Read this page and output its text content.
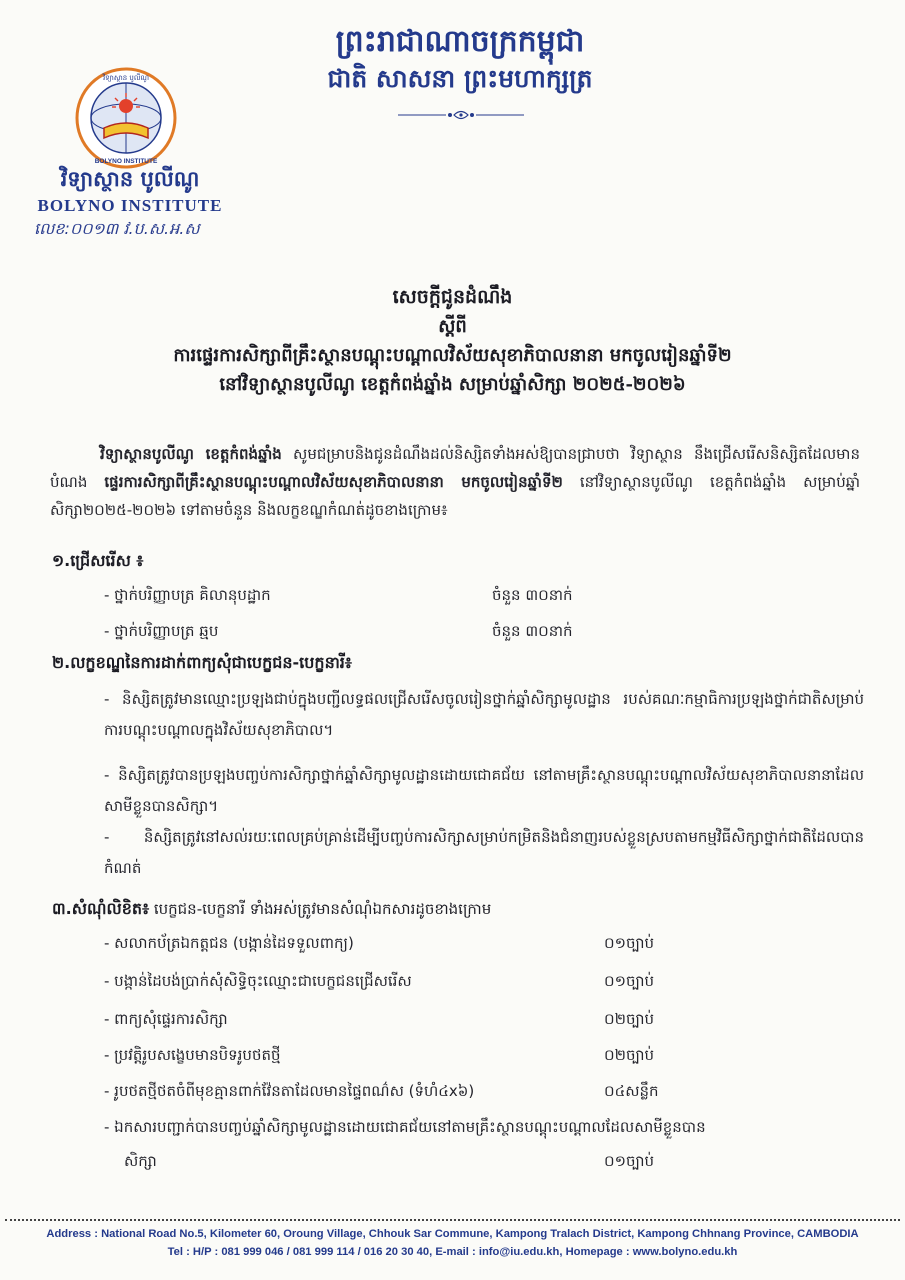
ព្រះរាជាណាចក្រកម្ពុជា
ជាតិ សាសនា ព្រះមហាក្សត្រ
វិទ្យាស្ថាន បូលីណូ
BOLYNO INSTITUTE
វិទ្យាស្ថាន បូលីណូ
BOLYNO INSTITUTE
លេខ:០០១៣ វ.ប.ស.អ.ស
សេចក្តីជូនដំណឹង
ស្តីពី
ការផ្ទេរការសិក្សាពីគ្រឹះស្ថានបណ្តុះបណ្តាលវិស័យសុខាភិបាលនានា មកចូលរៀនឆ្នាំទី២
នៅវិទ្យាស្ថានបូលីណូ ខេត្តកំពង់ឆ្នាំង សម្រាប់ឆ្នាំសិក្សា ២០២៥-២០២៦
វិទ្យាស្ថានបូលីណូ ខេត្តកំពង់ឆ្នាំង សូមជម្រាបនិងជូនដំណឹងដល់និស្សិតទាំងអស់ឱ្យបានជ្រាបថា វិទ្យាស្ថាន នឹងជ្រើសរើសនិស្សិតដែលមានបំណង ផ្ទេរការសិក្សាពីគ្រឹះស្ថានបណ្តុះបណ្តាលវិស័យសុខាភិបាលនានា មកចូលរៀនឆ្នាំទី២ នៅវិទ្យាស្ថានបូលីណូ ខេត្តកំពង់ឆ្នាំង សម្រាប់ឆ្នាំសិក្សា២០២៥-២០២៦ ទៅតាមចំនួន និងលក្ខខណ្ឌកំណត់ដូចខាងក្រោម៖
១.ជ្រើសរើស ៖
- ថ្នាក់បរិញ្ញាបត្រ គិលានុបដ្ឋាក	ចំនួន ៣០នាក់
- ថ្នាក់បរិញ្ញាបត្រ ឆ្មប	ចំនួន ៣០នាក់
២.លក្ខខណ្ឌនៃការដាក់ពាក្យសុំជាបេក្ខជន-បេក្ខនារី៖
- និស្សិតត្រូវមានឈ្មោះប្រឡងជាប់ក្នុងបញ្ជីលទ្ធផលជ្រើសរើសចូលរៀនថ្នាក់ឆ្នាំសិក្សាមូលដ្ឋាន របស់គណៈកម្មាធិការប្រឡងថ្នាក់ជាតិសម្រាប់ការបណ្តុះបណ្តាលក្នុងវិស័យសុខាភិបាល។
- និស្សិតត្រូវបានប្រឡងបញ្ចប់ការសិក្សាថ្នាក់ឆ្នាំសិក្សាមូលដ្ឋានដោយជោគជ័យ នៅតាមគ្រឹះស្ថានបណ្តុះបណ្តាលវិស័យសុខាភិបាលនានាដែលសាមីខ្លួនបានសិក្សា។
- និស្សិតត្រូវនៅសល់រយៈពេលគ្រប់គ្រាន់ដើម្បីបញ្ចប់ការសិក្សាសម្រាប់កម្រិតនិងជំនាញរបស់ខ្លួនស្របតាមកម្មវិធីសិក្សាថ្នាក់ជាតិដែលបានកំណត់
៣.សំណុំលិខិត៖ បេក្ខជន-បេក្ខនារី ទាំងអស់ត្រូវមានសំណុំឯកសារដូចខាងក្រោម
- សលាកប័ត្រឯកត្តជន (បង្កាន់ដៃទទួលពាក្យ)	០១ច្បាប់
- បង្កាន់ដៃបង់ប្រាក់សុំសិទ្ធិចុះឈ្មោះជាបេក្ខជនជ្រើសរើស	០១ច្បាប់
- ពាក្យសុំផ្ទេរការសិក្សា	០២ច្បាប់
- ប្រវត្តិរូបសង្ខេបមានបិទរូបថតថ្មី	០២ច្បាប់
- រូបថតថ្មីថតចំពីមុខគ្មានពាក់វ៉ែនតាដែលមានផ្ទៃពណ៌ស (ទំហំ៤x៦)	០៤សន្លឹក
- ឯកសារបញ្ជាក់បានបញ្ចប់ឆ្នាំសិក្សាមូលដ្ឋានដោយជោគជ័យនៅតាមគ្រឹះស្ថានបណ្តុះបណ្តាលដែលសាមីខ្លួនបាន
សិក្សា	០១ច្បាប់
Address : National Road No.5, Kilometer 60, Oroung Village, Chhouk Sar Commune, Kampong Tralach District, Kampong Chhnang Province, CAMBODIA
Tel : H/P : 081 999 046 / 081 999 114 / 016 20 30 40, E-mail : info@iu.edu.kh, Homepage : www.bolyno.edu.kh
